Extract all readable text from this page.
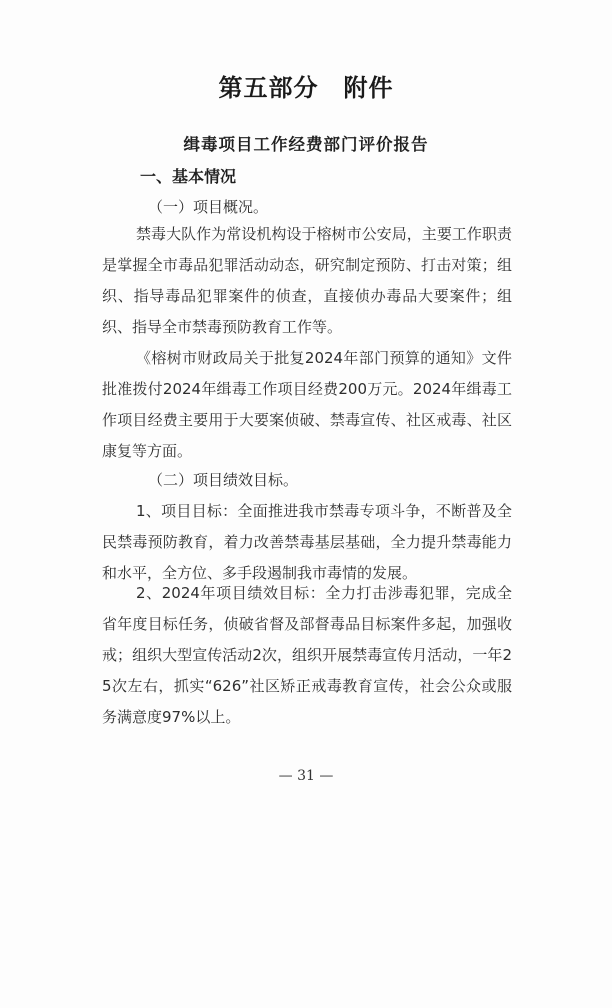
第五部分　附件
缉毒项目工作经费部门评价报告
一、基本情况
（一）项目概况。
禁毒大队作为常设机构设于榕树市公安局，主要工作职责是掌握全市毒品犯罪活动动态，研究制定预防、打击对策；组织、指导毒品犯罪案件的侦查，直接侦办毒品大要案件；组织、指导全市禁毒预防教育工作等。
《榕树市财政局关于批复2024年部门预算的通知》文件批准拨付2024年缉毒工作项目经费200万元。2024年缉毒工作项目经费主要用于大要案侦破、禁毒宣传、社区戒毒、社区康复等方面。
（二）项目绩效目标。
1、项目目标：全面推进我市禁毒专项斗争，不断普及全民禁毒预防教育，着力改善禁毒基层基础，全力提升禁毒能力和水平，全方位、多手段遏制我市毒情的发展。
2、2024年项目绩效目标：全力打击涉毒犯罪，完成全省年度目标任务，侦破省督及部督毒品目标案件多起，加强收戒；组织大型宣传活动2次，组织开展禁毒宣传月活动，一年25次左右，抓实“626”社区矫正戒毒教育宣传，社会公众或服务满意度97%以上。
— 31 —
